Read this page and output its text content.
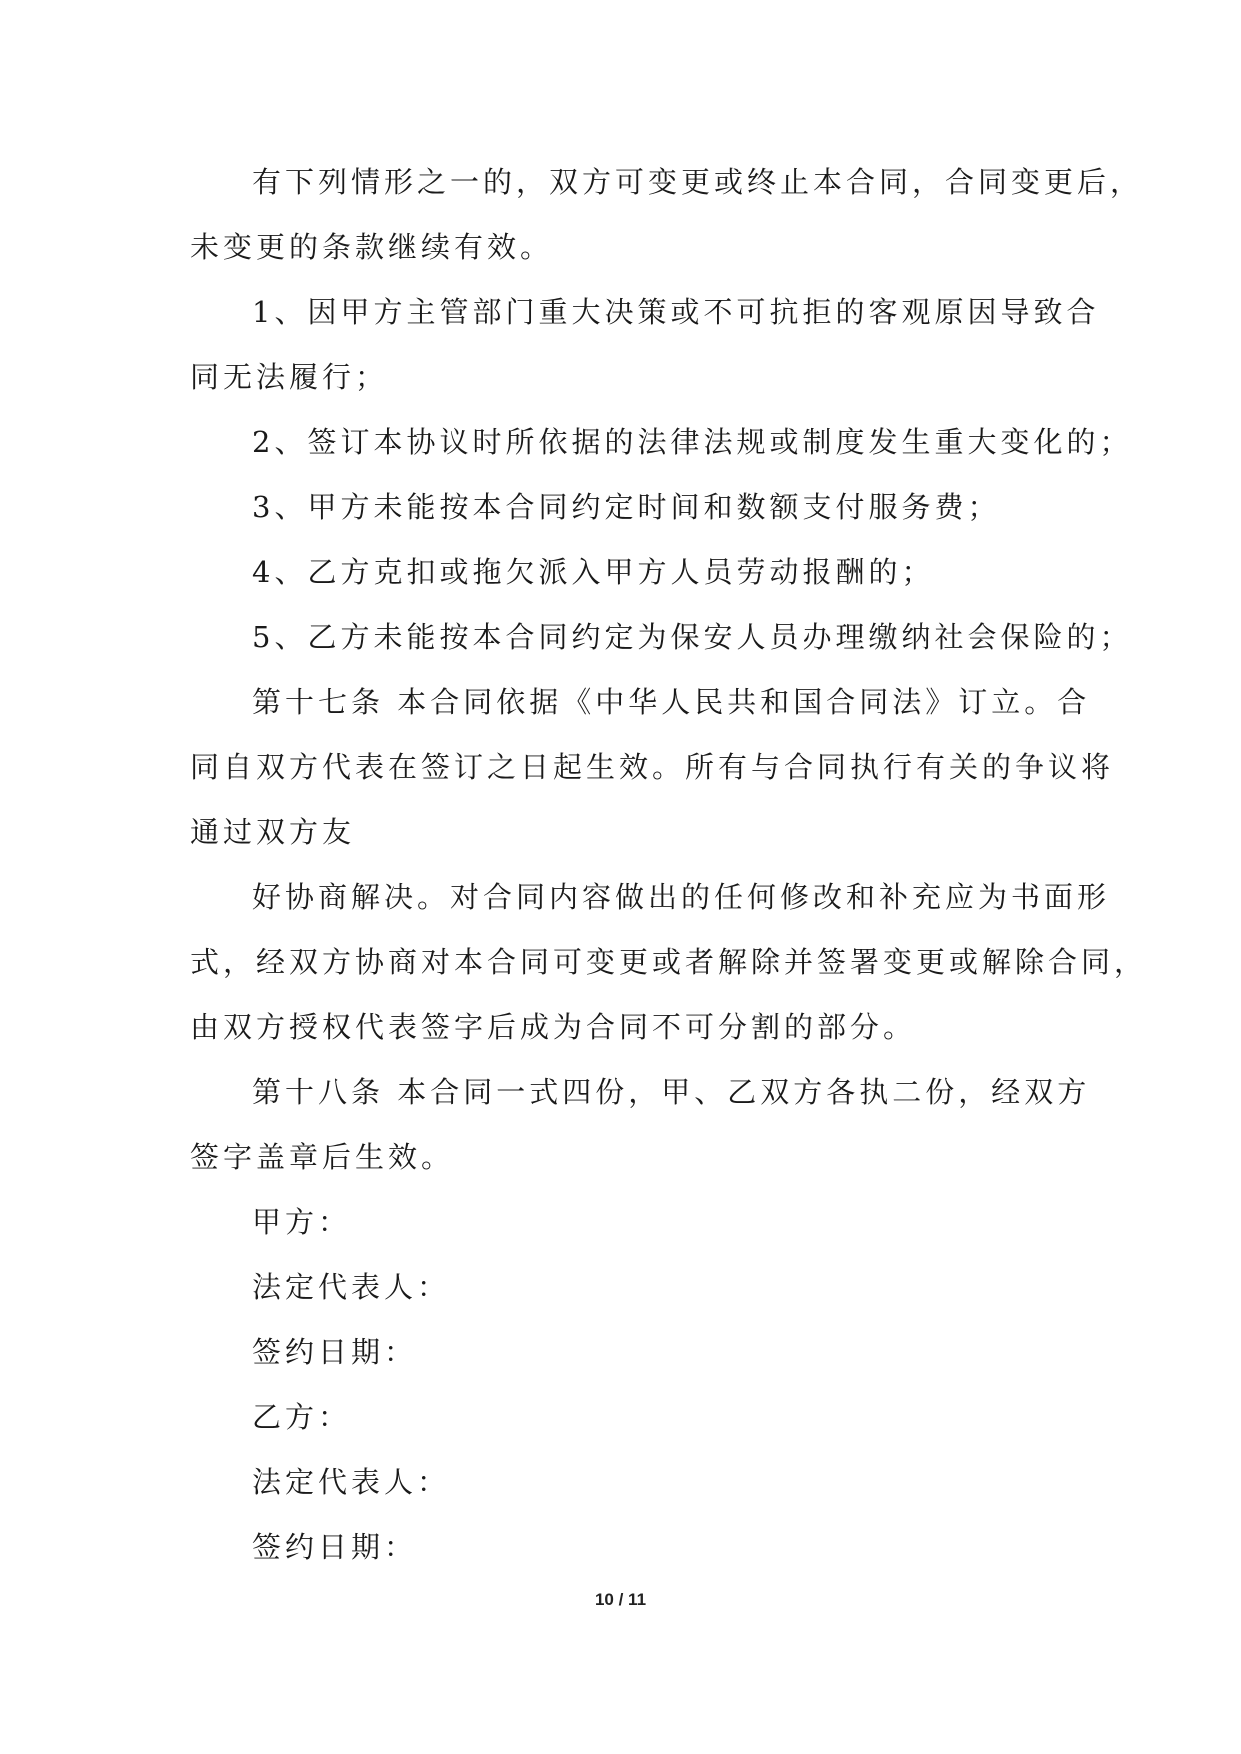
有下列情形之一的，双方可变更或终止本合同，合同变更后，

未变更的条款继续有效。

1、因甲方主管部门重大决策或不可抗拒的客观原因导致合

同无法履行；

2、签订本协议时所依据的法律法规或制度发生重大变化的；

3、甲方未能按本合同约定时间和数额支付服务费；

4、乙方克扣或拖欠派入甲方人员劳动报酬的；

5、乙方未能按本合同约定为保安人员办理缴纳社会保险的；

第十七条 本合同依据《中华人民共和国合同法》订立。合

同自双方代表在签订之日起生效。所有与合同执行有关的争议将

通过双方友

好协商解决。对合同内容做出的任何修改和补充应为书面形

式，经双方协商对本合同可变更或者解除并签署变更或解除合同，

由双方授权代表签字后成为合同不可分割的部分。

第十八条 本合同一式四份，甲、乙双方各执二份，经双方

签字盖章后生效。

甲方：

法定代表人：

签约日期：

乙方：

法定代表人：

签约日期：

10 / 11
